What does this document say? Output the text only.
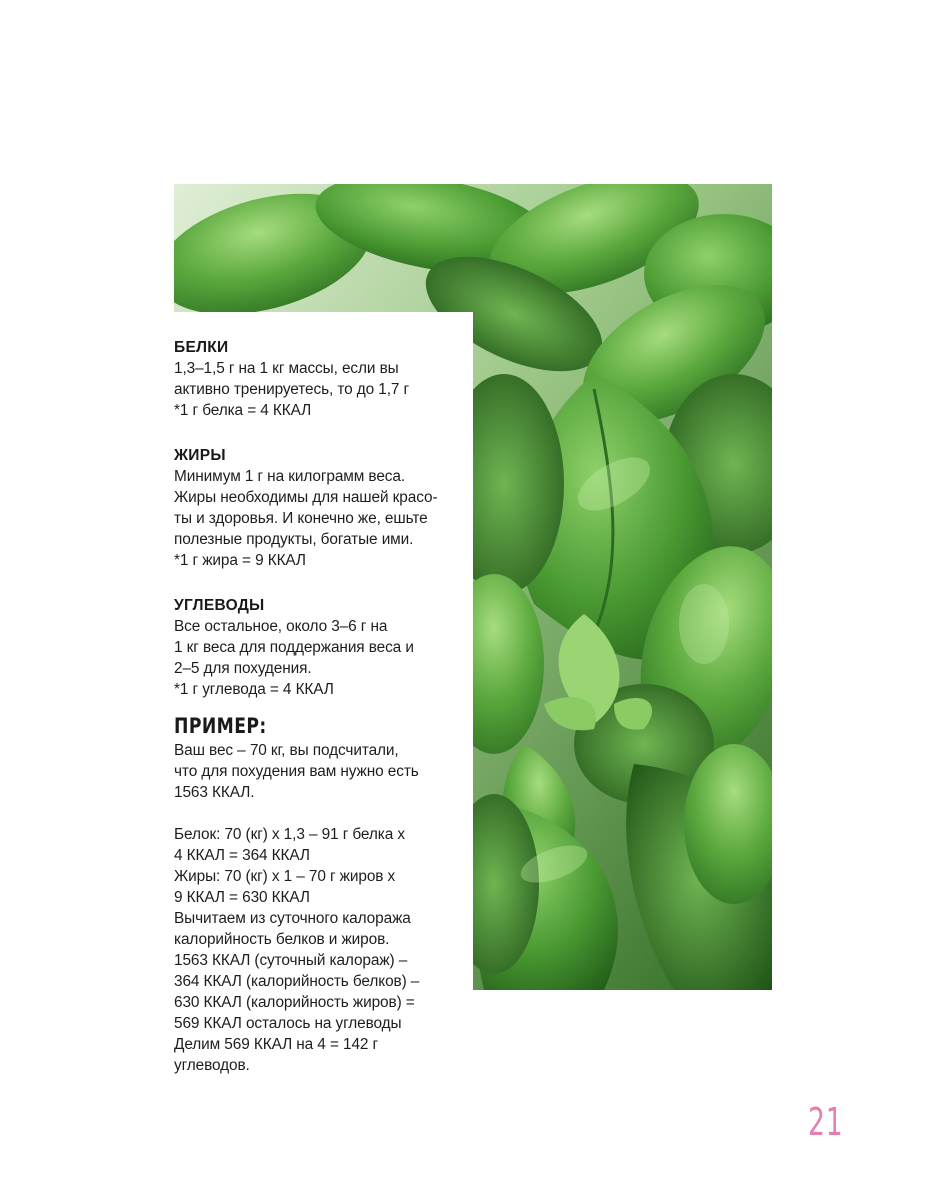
БЕЛКИ

1,3–1,5 г на 1 кг массы, если вы
активно тренируетесь, то до 1,7 г
*1 г белка = 4 ККАЛ

ЖИРЫ

Минимум 1 г на килограмм веса.
Жиры необходимы для нашей красо-
ты и здоровья. И конечно же, ешьте
полезные продукты, богатые ими.
*1 г жира = 9 ККАЛ

УГЛЕВОДЫ

Все остальное, около 3–6 г на
1 кг веса для поддержания веса и
2–5 для похудения.
*1 г углевода = 4 ККАЛ

ПРИМЕР:

Ваш вес – 70 кг, вы подсчитали,
что для похудения вам нужно есть
1563 ККАЛ.
Белок: 70 (кг) х 1,3 – 91 г белка х
4 ККАЛ = 364 ККАЛ
Жиры: 70 (кг) х 1 – 70 г жиров х
9 ККАЛ = 630 ККАЛ
Вычитаем из суточного калоража
калорийность белков и жиров.
1563 ККАЛ (суточный калораж) –
364 ККАЛ (калорийность белков) –
630 ККАЛ (калорийность жиров) =
569 ККАЛ осталось на углеводы
Делим 569 ККАЛ на 4 = 142 г
углеводов.
21
